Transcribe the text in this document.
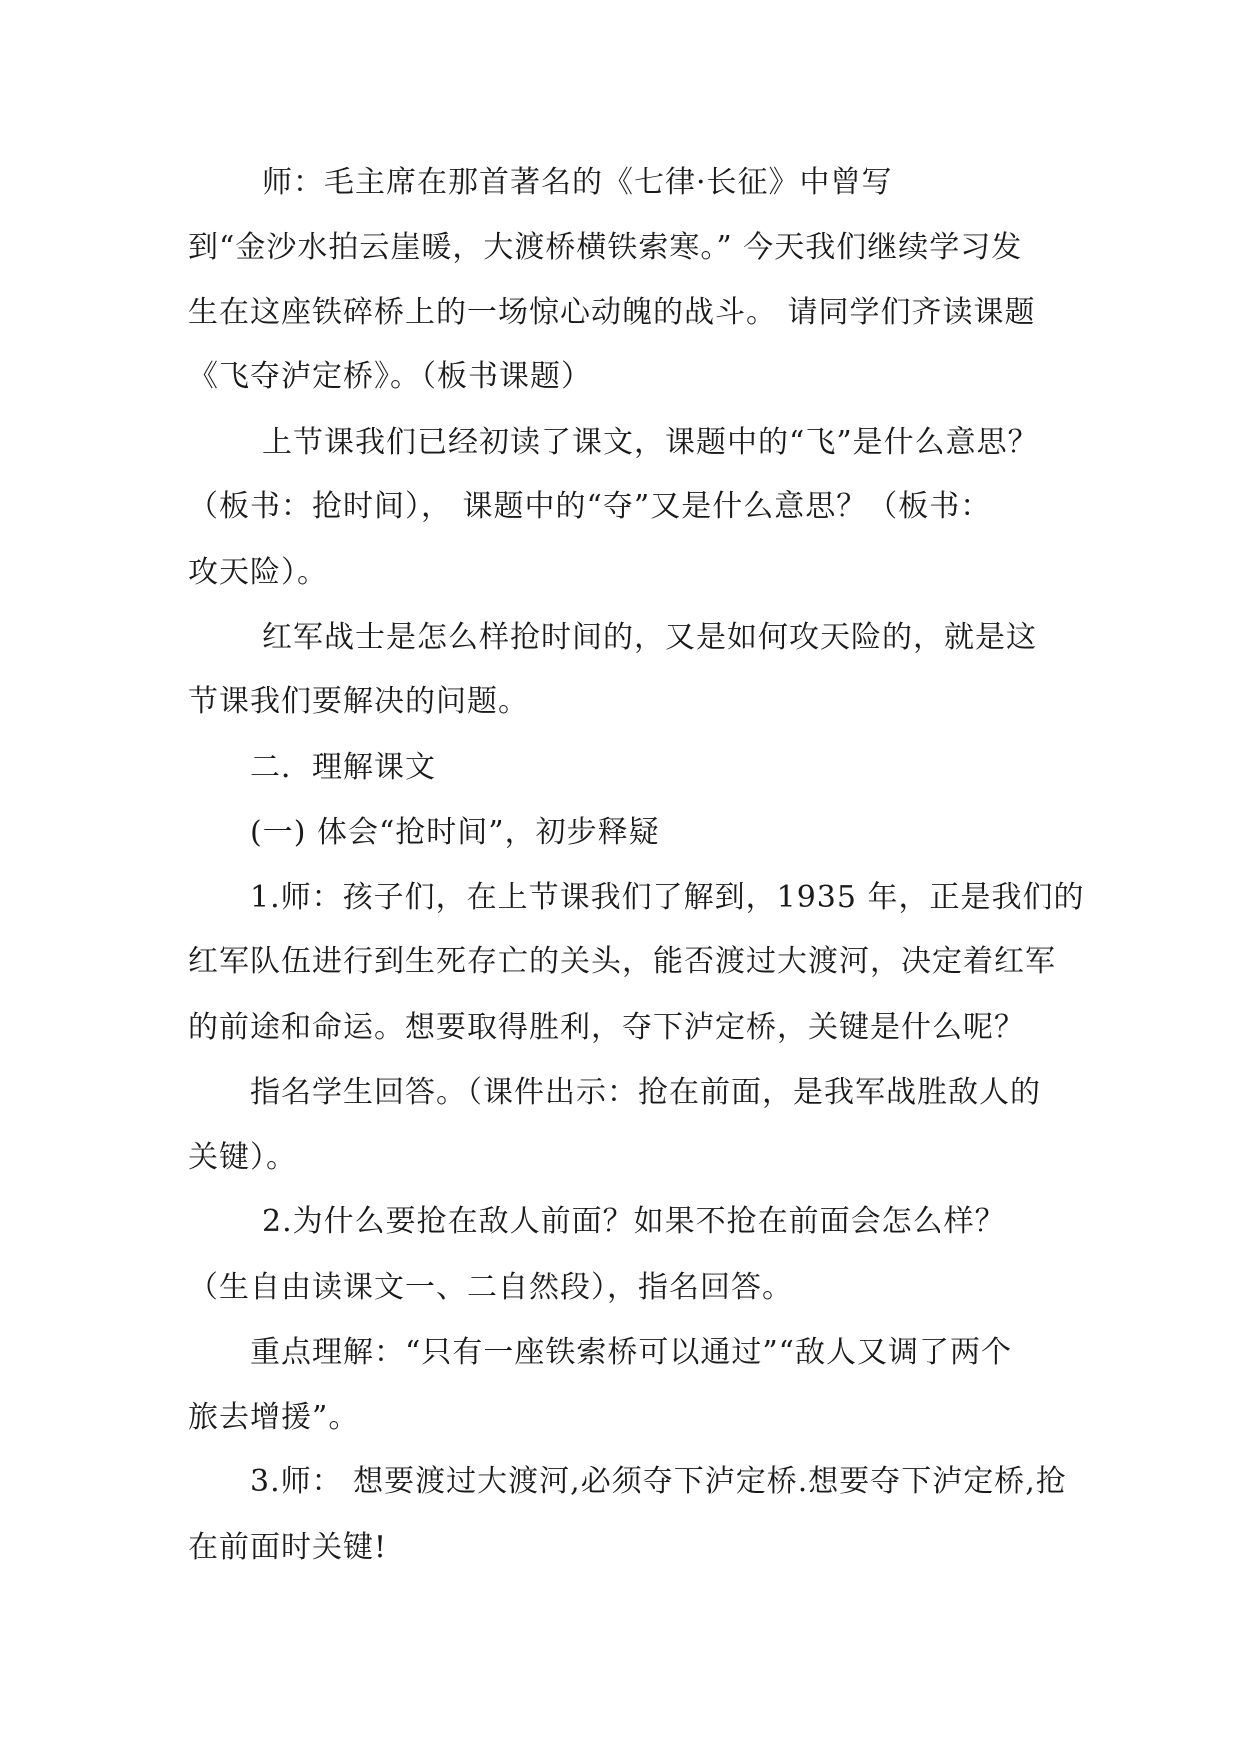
师：毛主席在那首著名的《七律·长征》中曾写
到“金沙水拍云崖暖，大渡桥横铁索寒。” 今天我们继续学习发
生在这座铁碎桥上的一场惊心动魄的战斗。 请同学们齐读课题
《飞夺泸定桥》。（板书课题）
上节课我们已经初读了课文，课题中的“飞”是什么意思？
（板书：抢时间）， 课题中的“夺”又是什么意思？（板书：
攻天险）。
红军战士是怎么样抢时间的，又是如何攻天险的，就是这
节课我们要解决的问题。
二．理解课文
(一) 体会“抢时间”，初步释疑
1.师：孩子们，在上节课我们了解到，1935 年，正是我们的
红军队伍进行到生死存亡的关头，能否渡过大渡河，决定着红军
的前途和命运。想要取得胜利，夺下泸定桥，关键是什么呢？
指名学生回答。（课件出示：抢在前面，是我军战胜敌人的
关键）。
2.为什么要抢在敌人前面？如果不抢在前面会怎么样？
（生自由读课文一、二自然段），指名回答。
重点理解：“只有一座铁索桥可以通过”“敌人又调了两个
旅去增援”。
3.师： 想要渡过大渡河,必须夺下泸定桥.想要夺下泸定桥,抢
在前面时关键!
